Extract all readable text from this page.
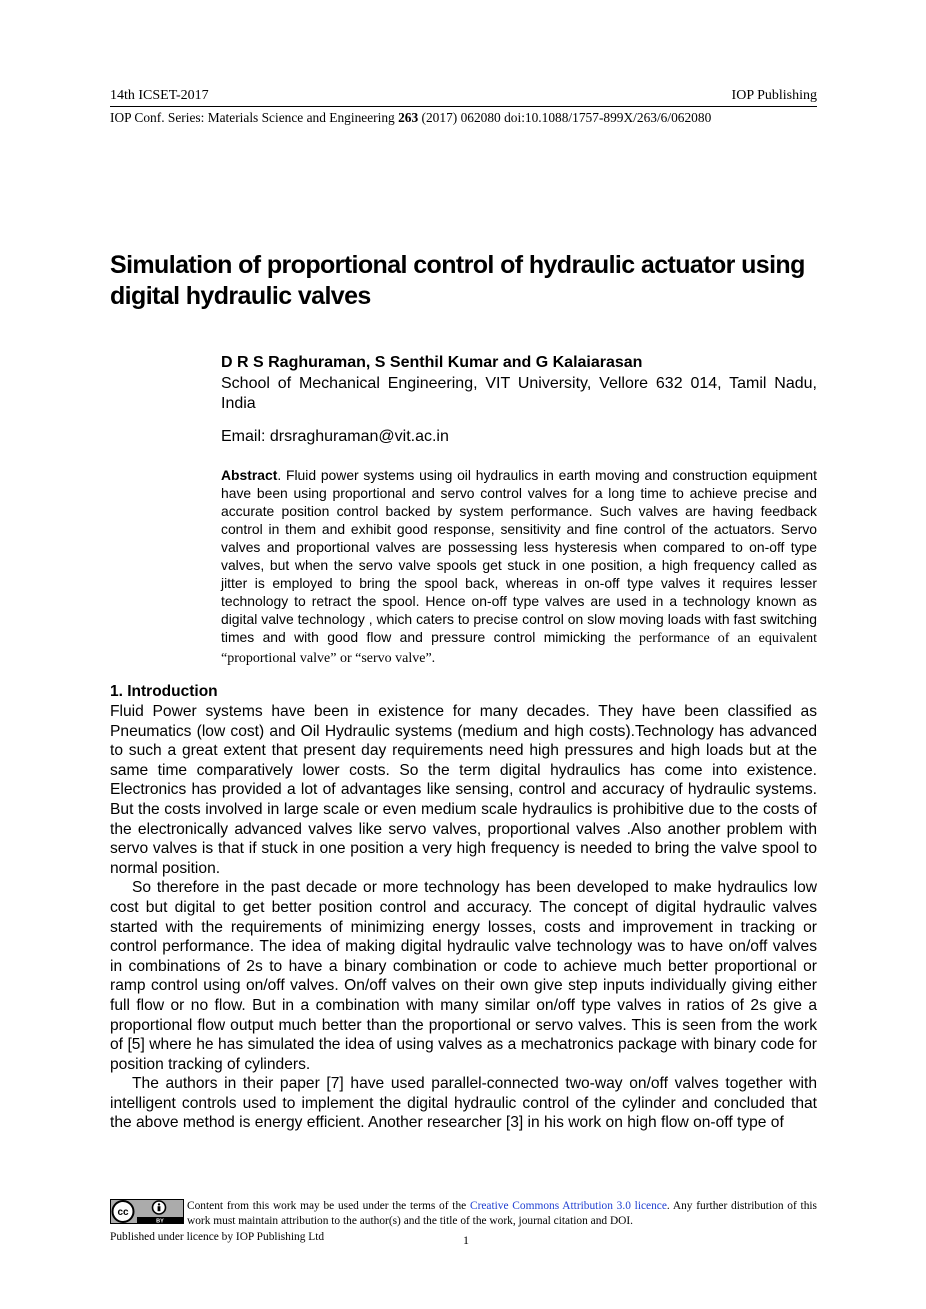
14th ICSET-2017	IOP Publishing
IOP Conf. Series: Materials Science and Engineering 263 (2017) 062080 doi:10.1088/1757-899X/263/6/062080
Simulation of proportional control of hydraulic actuator using digital hydraulic valves
D R S Raghuraman, S Senthil Kumar and G Kalaiarasan
School of Mechanical Engineering, VIT University, Vellore 632 014, Tamil Nadu, India
Email: drsraghuraman@vit.ac.in
Abstract. Fluid power systems using oil hydraulics in earth moving and construction equipment have been using proportional and servo control valves for a long time to achieve precise and accurate position control backed by system performance. Such valves are having feedback control in them and exhibit good response, sensitivity and fine control of the actuators. Servo valves and proportional valves are possessing less hysteresis when compared to on-off type valves, but when the servo valve spools get stuck in one position, a high frequency called as jitter is employed to bring the spool back, whereas in on-off type valves it requires lesser technology to retract the spool. Hence on-off type valves are used in a technology known as digital valve technology , which caters to precise control on slow moving loads with fast switching times and with good flow and pressure control mimicking the performance of an equivalent “proportional valve” or “servo valve”.
1. Introduction

Fluid Power systems have been in existence for many decades. They have been classified as Pneumatics (low cost) and Oil Hydraulic systems (medium and high costs).Technology has advanced to such a great extent that present day requirements need high pressures and high loads but at the same time comparatively lower costs. So the term digital hydraulics has come into existence. Electronics has provided a lot of advantages like sensing, control and accuracy of hydraulic systems. But the costs involved in large scale or even medium scale hydraulics is prohibitive due to the costs of the electronically advanced valves like servo valves, proportional valves .Also another problem with servo valves is that if stuck in one position a very high frequency is needed to bring the valve spool to normal position.

So therefore in the past decade or more technology has been developed to make hydraulics low cost but digital to get better position control and accuracy. The concept of digital hydraulic valves started with the requirements of minimizing energy losses, costs and improvement in tracking or control performance. The idea of making digital hydraulic valve technology was to have on/off valves in combinations of 2s to have a binary combination or code to achieve much better proportional or ramp control using on/off valves. On/off valves on their own give step inputs individually giving either full flow or no flow. But in a combination with many similar on/off type valves in ratios of 2s give a proportional flow output much better than the proportional or servo valves. This is seen from the work of [5] where he has simulated the idea of using valves as a mechatronics package with binary code for position tracking of cylinders.

The authors in their paper [7] have used parallel-connected two-way on/off valves together with intelligent controls used to implement the digital hydraulic control of the cylinder and concluded that the above method is energy efficient. Another researcher [3] in his work on high flow on-off type of

cc
BY
Content from this work may be used under the terms of the Creative Commons Attribution 3.0 licence. Any further distribution of this work must maintain attribution to the author(s) and the title of the work, journal citation and DOI.
Published under licence by IOP Publishing Ltd	1
